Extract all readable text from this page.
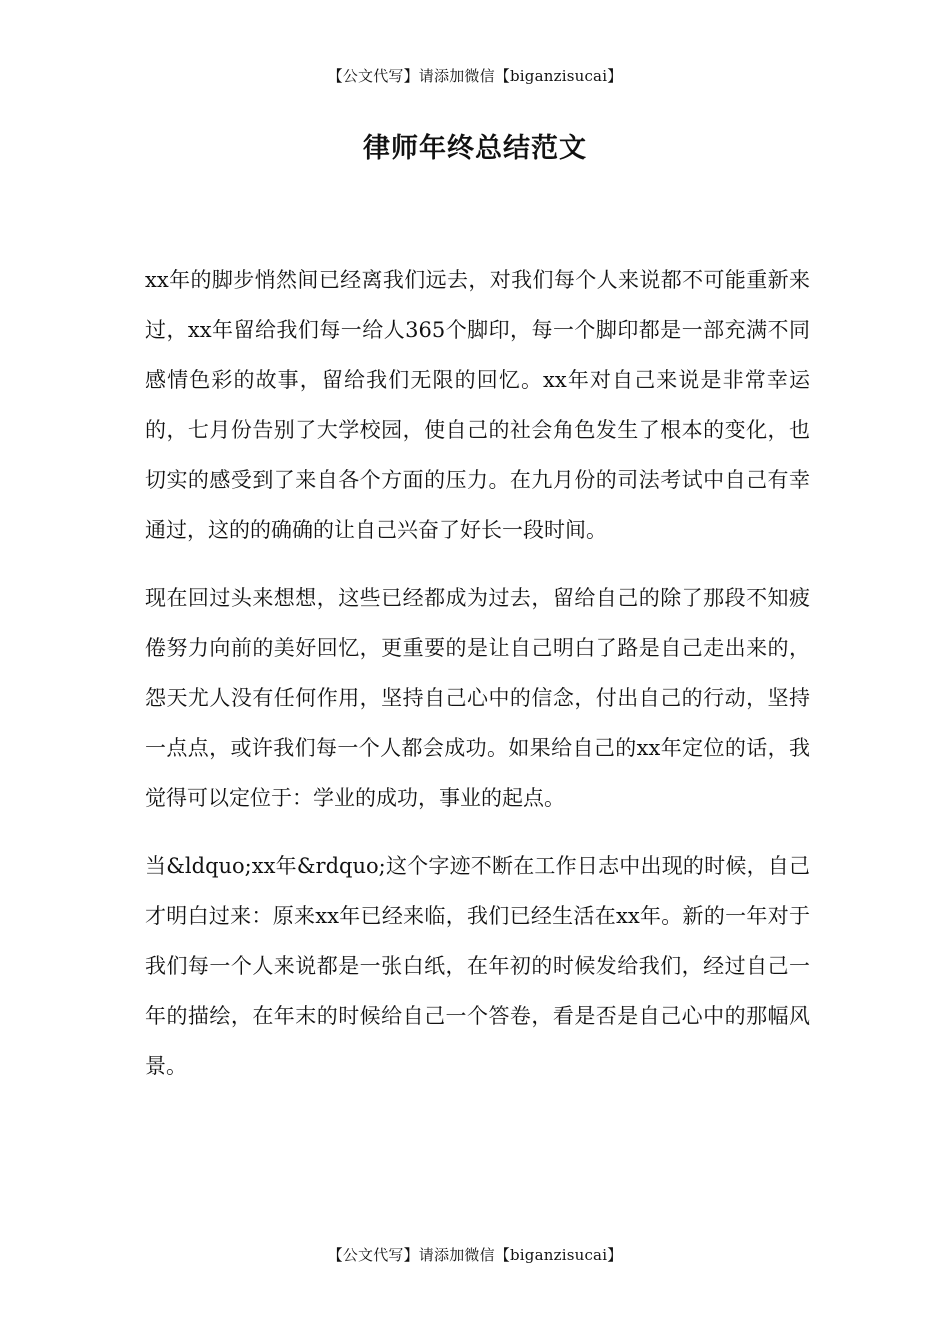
【公文代写】请添加微信【biganzisucai】
律师年终总结范文

xx年的脚步悄然间已经离我们远去，对我们每个人来说都不可能重新来过，xx年留给我们每一给人365个脚印，每一个脚印都是一部充满不同感情色彩的故事，留给我们无限的回忆。xx年对自己来说是非常幸运的，七月份告别了大学校园，使自己的社会角色发生了根本的变化，也切实的感受到了来自各个方面的压力。在九月份的司法考试中自己有幸通过，这的的确确的让自己兴奋了好长一段时间。

现在回过头来想想，这些已经都成为过去，留给自己的除了那段不知疲倦努力向前的美好回忆，更重要的是让自己明白了路是自己走出来的，怨天尤人没有任何作用，坚持自己心中的信念，付出自己的行动，坚持一点点，或许我们每一个人都会成功。如果给自己的xx年定位的话，我觉得可以定位于：学业的成功，事业的起点。

当&ldquo;xx年&rdquo;这个字迹不断在工作日志中出现的时候，自己才明白过来：原来xx年已经来临，我们已经生活在xx年。新的一年对于我们每一个人来说都是一张白纸，在年初的时候发给我们，经过自己一年的描绘，在年末的时候给自己一个答卷，看是否是自己心中的那幅风景。

【公文代写】请添加微信【biganzisucai】
